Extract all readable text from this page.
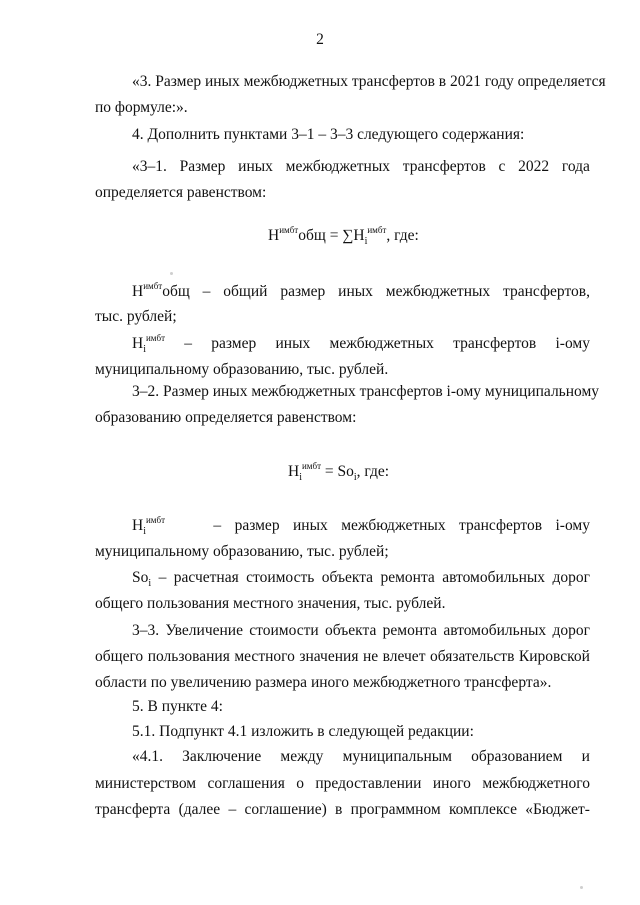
2
«3. Размер иных межбюджетных трансфертов в 2021 году определяется
по формуле:».
4. Дополнить пунктами 3–1 – 3–3 следующего содержания:
«3–1. Размер иных межбюджетных трансфертов с 2022 года
определяется равенством:
$Н^{имбт}общ = \sum Н_i^{имбт}$, где:
$Н^{имбт}общ$ – общий размер иных межбюджетных трансфертов,
тыс. рублей;
$Н_i^{имбт}$ – размер иных межбюджетных трансфертов i-ому
муниципальному образованию, тыс. рублей.
3–2. Размер иных межбюджетных трансфертов i-ому муниципальному
образованию определяется равенством:
$Н_i^{имбт} = So_i$, где:
$Н_i^{имбт}$	– размер иных межбюджетных трансфертов i-ому
муниципальному образованию, тыс. рублей;
$So_i$ – расчетная стоимость объекта ремонта автомобильных дорог
общего пользования местного значения, тыс. рублей.
3–3. Увеличение стоимости объекта ремонта автомобильных дорог
общего пользования местного значения не влечет обязательств Кировской
области по увеличению размера иного межбюджетного трансферта».
5. В пункте 4:
5.1. Подпункт 4.1 изложить в следующей редакции:
«4.1. Заключение между муниципальным образованием и
министерством соглашения о предоставлении иного межбюджетного
трансферта (далее – соглашение) в программном комплексе «Бюджет-
